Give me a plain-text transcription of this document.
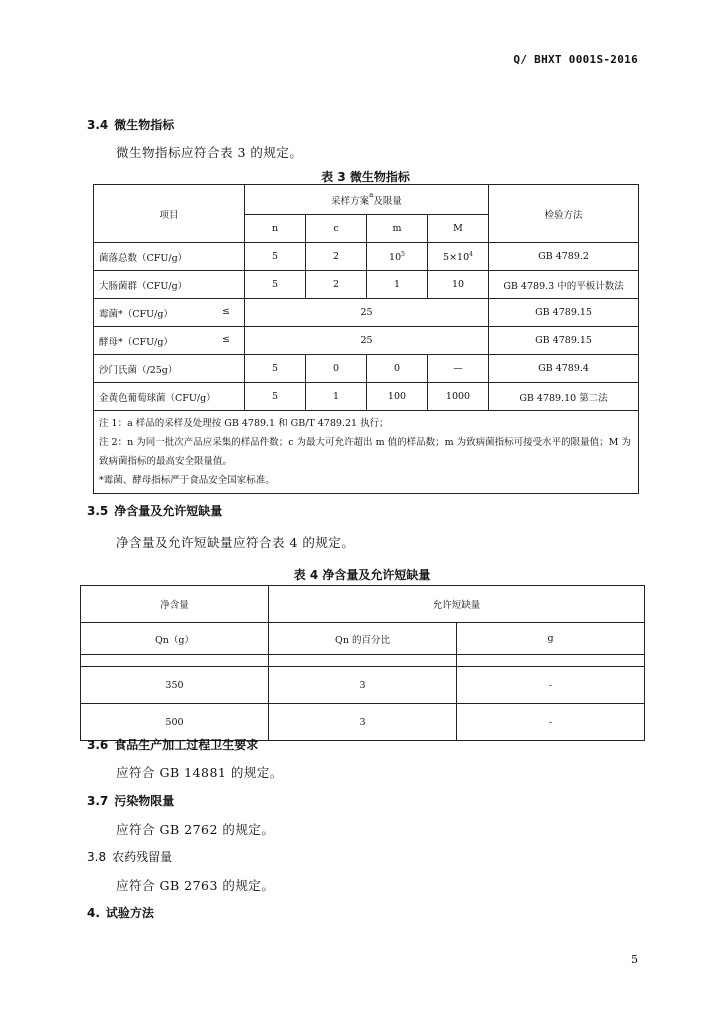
Q/ BHXT 0001S-2016
3.4 微生物指标
微生物指标应符合表 3 的规定。
表 3 微生物指标
项目	采样方案$^a$及限量				检验方法
	n	c	m	M	
菌落总数（CFU/g）	5	2	$10^5$	$5\times 10^4$	GB 4789.2
大肠菌群（CFU/g）	5	2	1	10	GB 4789.3 中的平板计数法
霉菌*（CFU/g） ≤	25				GB 4789.15
酵母*（CFU/g） ≤	25				GB 4789.15
沙门氏菌（/25g）	5	0	0	—	GB 4789.4
金黄色葡萄球菌（CFU/g）	5	1	100	1000	GB 4789.10 第二法

注 1：a 样品的采样及处理按 GB 4789.1 和 GB/T 4789.21 执行；
注 2：n 为同一批次产品应采集的样品件数；c 为最大可允许超出 m 值的样品数；m 为致病菌指标可接受水平的限量值；M 为致病菌指标的最高安全限量值。
*霉菌、酵母指标严于食品安全国家标准。					
3.5 净含量及允许短缺量
净含量及允许短缺量应符合表 4 的规定。
表 4 净含量及允许短缺量
净含量	允许短缺量	
Qn（g）	Qn 的百分比	g

350	3	-
500	3	-
3.6 食品生产加工过程卫生要求
应符合 GB 14881 的规定。
3.7 污染物限量
应符合 GB 2762 的规定。
3.8 农药残留量
应符合 GB 2763 的规定。
4. 试验方法
5
